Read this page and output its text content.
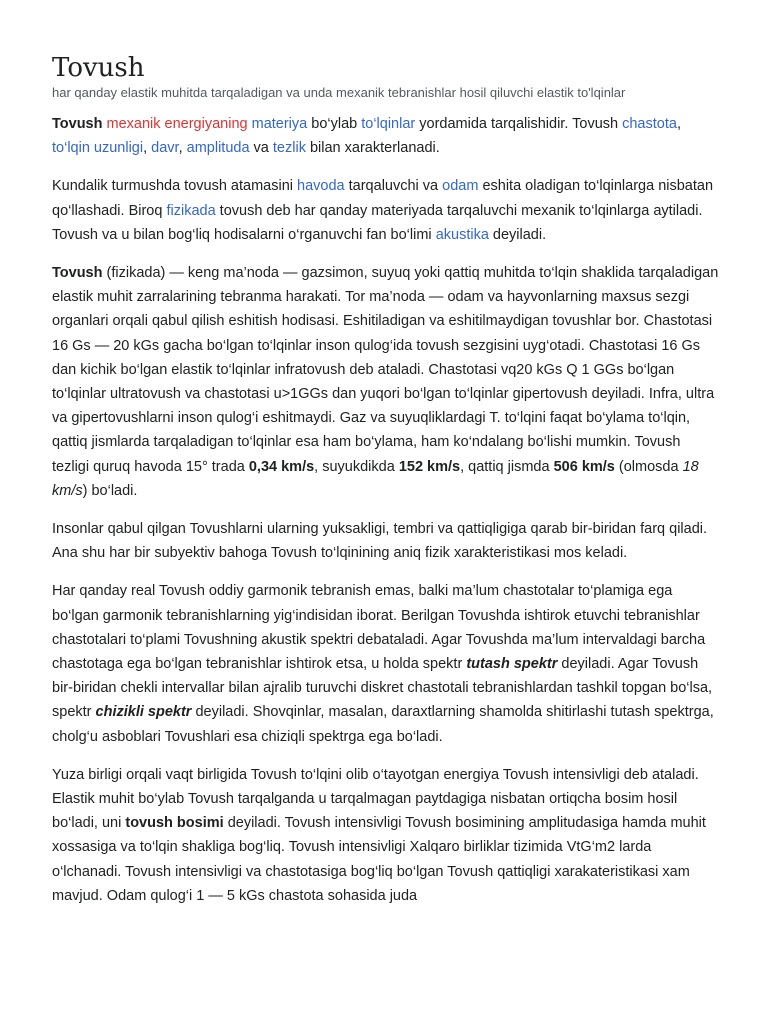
Tovush
har qanday elastik muhitda tarqaladigan va unda mexanik tebranishlar hosil qiluvchi elastik to'lqinlar

Tovush mexanik energiyaning materiya bo‘ylab to‘lqinlar yordamida tarqalishidir. Tovush chastota, to‘lqin uzunligi, davr, amplituda va tezlik bilan xarakterlanadi.

Kundalik turmushda tovush atamasini havoda tarqaluvchi va odam eshita oladigan to‘lqinlarga nisbatan qo‘llashadi. Biroq fizikada tovush deb har qanday materiyada tarqaluvchi mexanik to‘lqinlarga aytiladi. Tovush va u bilan bog‘liq hodisalarni o‘rganuvchi fan bo‘limi akustika deyiladi.

Tovush (fizikada) — keng ma’noda — gazsimon, suyuq yoki qattiq muhitda to‘lqin shaklida tarqaladigan elastik muhit zarralarining tebranma harakati. Tor ma’noda — odam va hayvonlarning maxsus sezgi organlari orqali qabul qilish eshitish hodisasi. Eshitiladigan va eshitilmaydigan tovushlar bor. Chastotasi 16 Gs — 20 kGs gacha bo‘lgan to‘lqinlar inson qulog‘ida tovush sezgisini uyg‘otadi. Chastotasi 16 Gs dan kichik bo‘lgan elastik to‘lqinlar infratovush deb ataladi. Chastotasi vq20 kGs Q 1 GGs bo‘lgan to‘lqinlar ultratovush va chastotasi u>1GGs dan yuqori bo‘lgan to‘lqinlar gipertovush deyiladi. Infra, ultra va gipertovushlarni inson qulog‘i eshitmaydi. Gaz va suyuqliklardagi T. to‘lqini faqat bo‘ylama to‘lqin, qattiq jismlarda tarqaladigan to‘lqinlar esa ham bo‘ylama, ham ko‘ndalang bo‘lishi mumkin. Tovush tezligi quruq havoda 15° trada 0,34 km/s, suyukdikda 152 km/s, qattiq jismda 506 km/s (olmosda 18 km/s) bo‘ladi.

Insonlar qabul qilgan Tovushlarni ularning yuksakligi, tembri va qattiqligiga qarab bir-biridan farq qiladi. Ana shu har bir subyektiv bahoga Tovush to‘lqinining aniq fizik xarakteristikasi mos keladi.

Har qanday real Tovush oddiy garmonik tebranish emas, balki ma’lum chastotalar to‘plamiga ega bo‘lgan garmonik tebranishlarning yig‘indisidan iborat. Berilgan Tovushda ishtirok etuvchi tebranishlar chastotalari to‘plami Tovushning akustik spektri debataladi. Agar Tovushda ma’lum intervaldagi barcha chastotaga ega bo‘lgan tebranishlar ishtirok etsa, u holda spektr tutash spektr deyiladi. Agar Tovush bir-biridan chekli intervallar bilan ajralib turuvchi diskret chastotali tebranishlardan tashkil topgan bo‘lsa, spektr chizikli spektr deyiladi. Shovqinlar, masalan, daraxtlarning shamolda shitirlashi tutash spektrga, cholg‘u asboblari Tovushlari esa chiziqli spektrga ega bo‘ladi.

Yuza birligi orqali vaqt birligida Tovush to‘lqini olib o‘tayotgan energiya Tovush intensivligi deb ataladi. Elastik muhit bo‘ylab Tovush tarqalganda u tarqalmagan paytdagiga nisbatan ortiqcha bosim hosil bo‘ladi, uni tovush bosimi deyiladi. Tovush intensivligi Tovush bosimining amplitudasiga hamda muhit xossasiga va to‘lqin shakliga bog‘liq. Tovush intensivligi Xalqaro birliklar tizimida VtG‘m2 larda o‘lchanadi. Tovush intensivligi va chastotasiga bog‘liq bo‘lgan Tovush qattiqligi xarakateristikasi xam mavjud. Odam qulog‘i 1 — 5 kGs chastota sohasida juda
